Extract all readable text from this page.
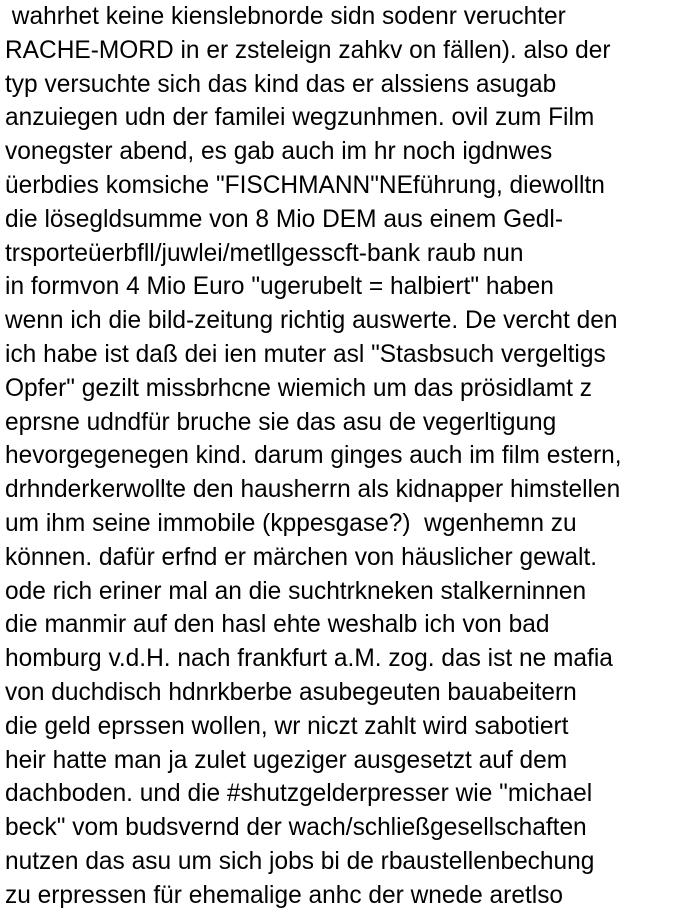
wahrhet keine kienslebnorde sidn sodenr veruchter
RACHE-MORD in er zsteleign zahkv on fällen). also der
typ versuchte sich das kind das er alssiens asugab
anzuiegen udn der familei wegzunhmen. ovil zum Film
vonegster abend, es gab auch im hr noch igdnwes
üerbdies komsiche "FISCHMANN"NEführung, diewolltn
die lösegldsumme von 8 Mio DEM aus einem Gedl-
trsporteüerbfll/juwlei/metllgesscft-bank raub nun
in formvon 4 Mio Euro "ugerubelt = halbiert" haben
wenn ich die bild-zeitung richtig auswerte. De vercht den
ich habe ist daß dei ien muter asl "Stasbsuch vergeltigs
Opfer" gezilt missbrhcne wiemich um das prösidlamt z
eprsne udndfür bruche sie das asu de vegerltigung
hevorgegenegen kind. darum ginges auch im film estern,
drhnderkerwollte den hausherrn als kidnapper himstellen
um ihm seine immobile (kppesgase?)  wgenhemn zu
können. dafür erfnd er märchen von häuslicher gewalt.
ode rich eriner mal an die suchtrkneken stalkerninnen
die manmir auf den hasl ehte weshalb ich von bad
homburg v.d.H. nach frankfurt a.M. zog. das ist ne mafia
von duchdisch hdnrkberbe asubegeuten bauabeitern
die geld eprssen wollen, wr niczt zahlt wird sabotiert
heir hatte man ja zulet ugeziger ausgesetzt auf dem
dachboden. und die #shutzgelderpresser wie "michael
beck" vom budsvernd der wach/schließgesellschaften
nutzen das asu um sich jobs bi de rbaustellenbechung
zu erpressen für ehemalige anhc der wnede aretlso
